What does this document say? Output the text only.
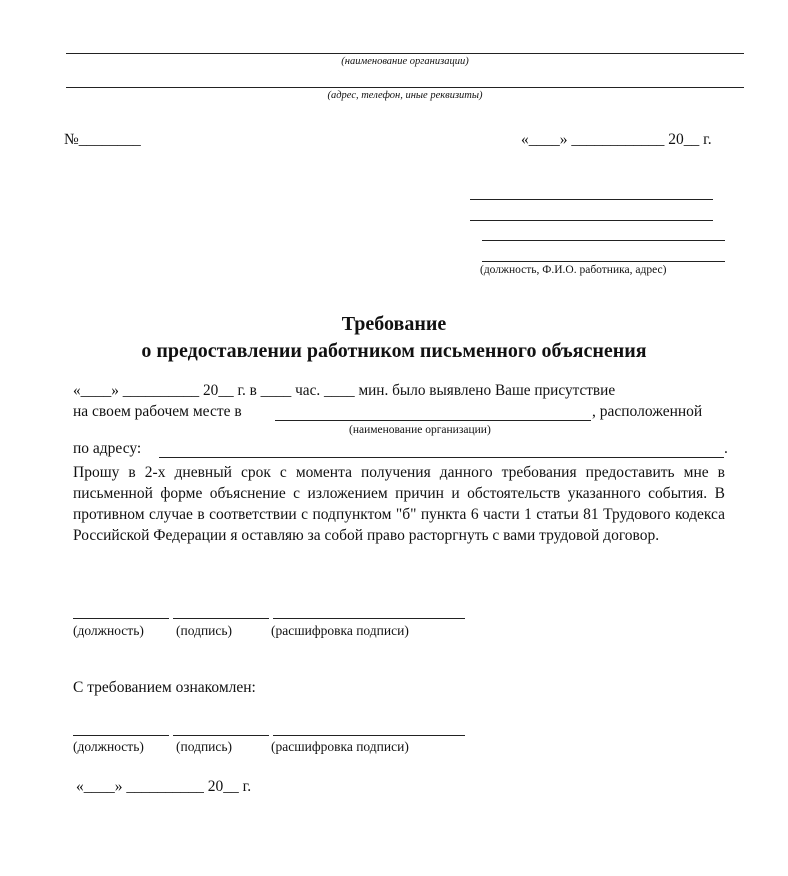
(наименование организации)
(адрес, телефон, иные реквизиты)
№________	«____» ____________ 20__ г.
(должность, Ф.И.О. работника, адрес)
Требование
о предоставлении работником письменного объяснения
«____» __________ 20__ г. в ____ час. ____ мин. было выявлено Ваше присутствие
на своем рабочем месте в	, расположенной
(наименование организации)
по адресу:	.
Прошу в 2-х дневный срок с момента получения данного требования предоставить мне в письменной форме объяснение с изложением причин и обстоятельств указанного события. В противном случае в соответствии с подпунктом "б" пункта 6 части 1 статьи 81 Трудового кодекса Российской Федерации я оставляю за собой право расторгнуть с вами трудовой договор.
(должность) (подпись)	(расшифровка подписи)
С требованием ознакомлен:
(должность) (подпись)	(расшифровка подписи)
«____» __________ 20__ г.
